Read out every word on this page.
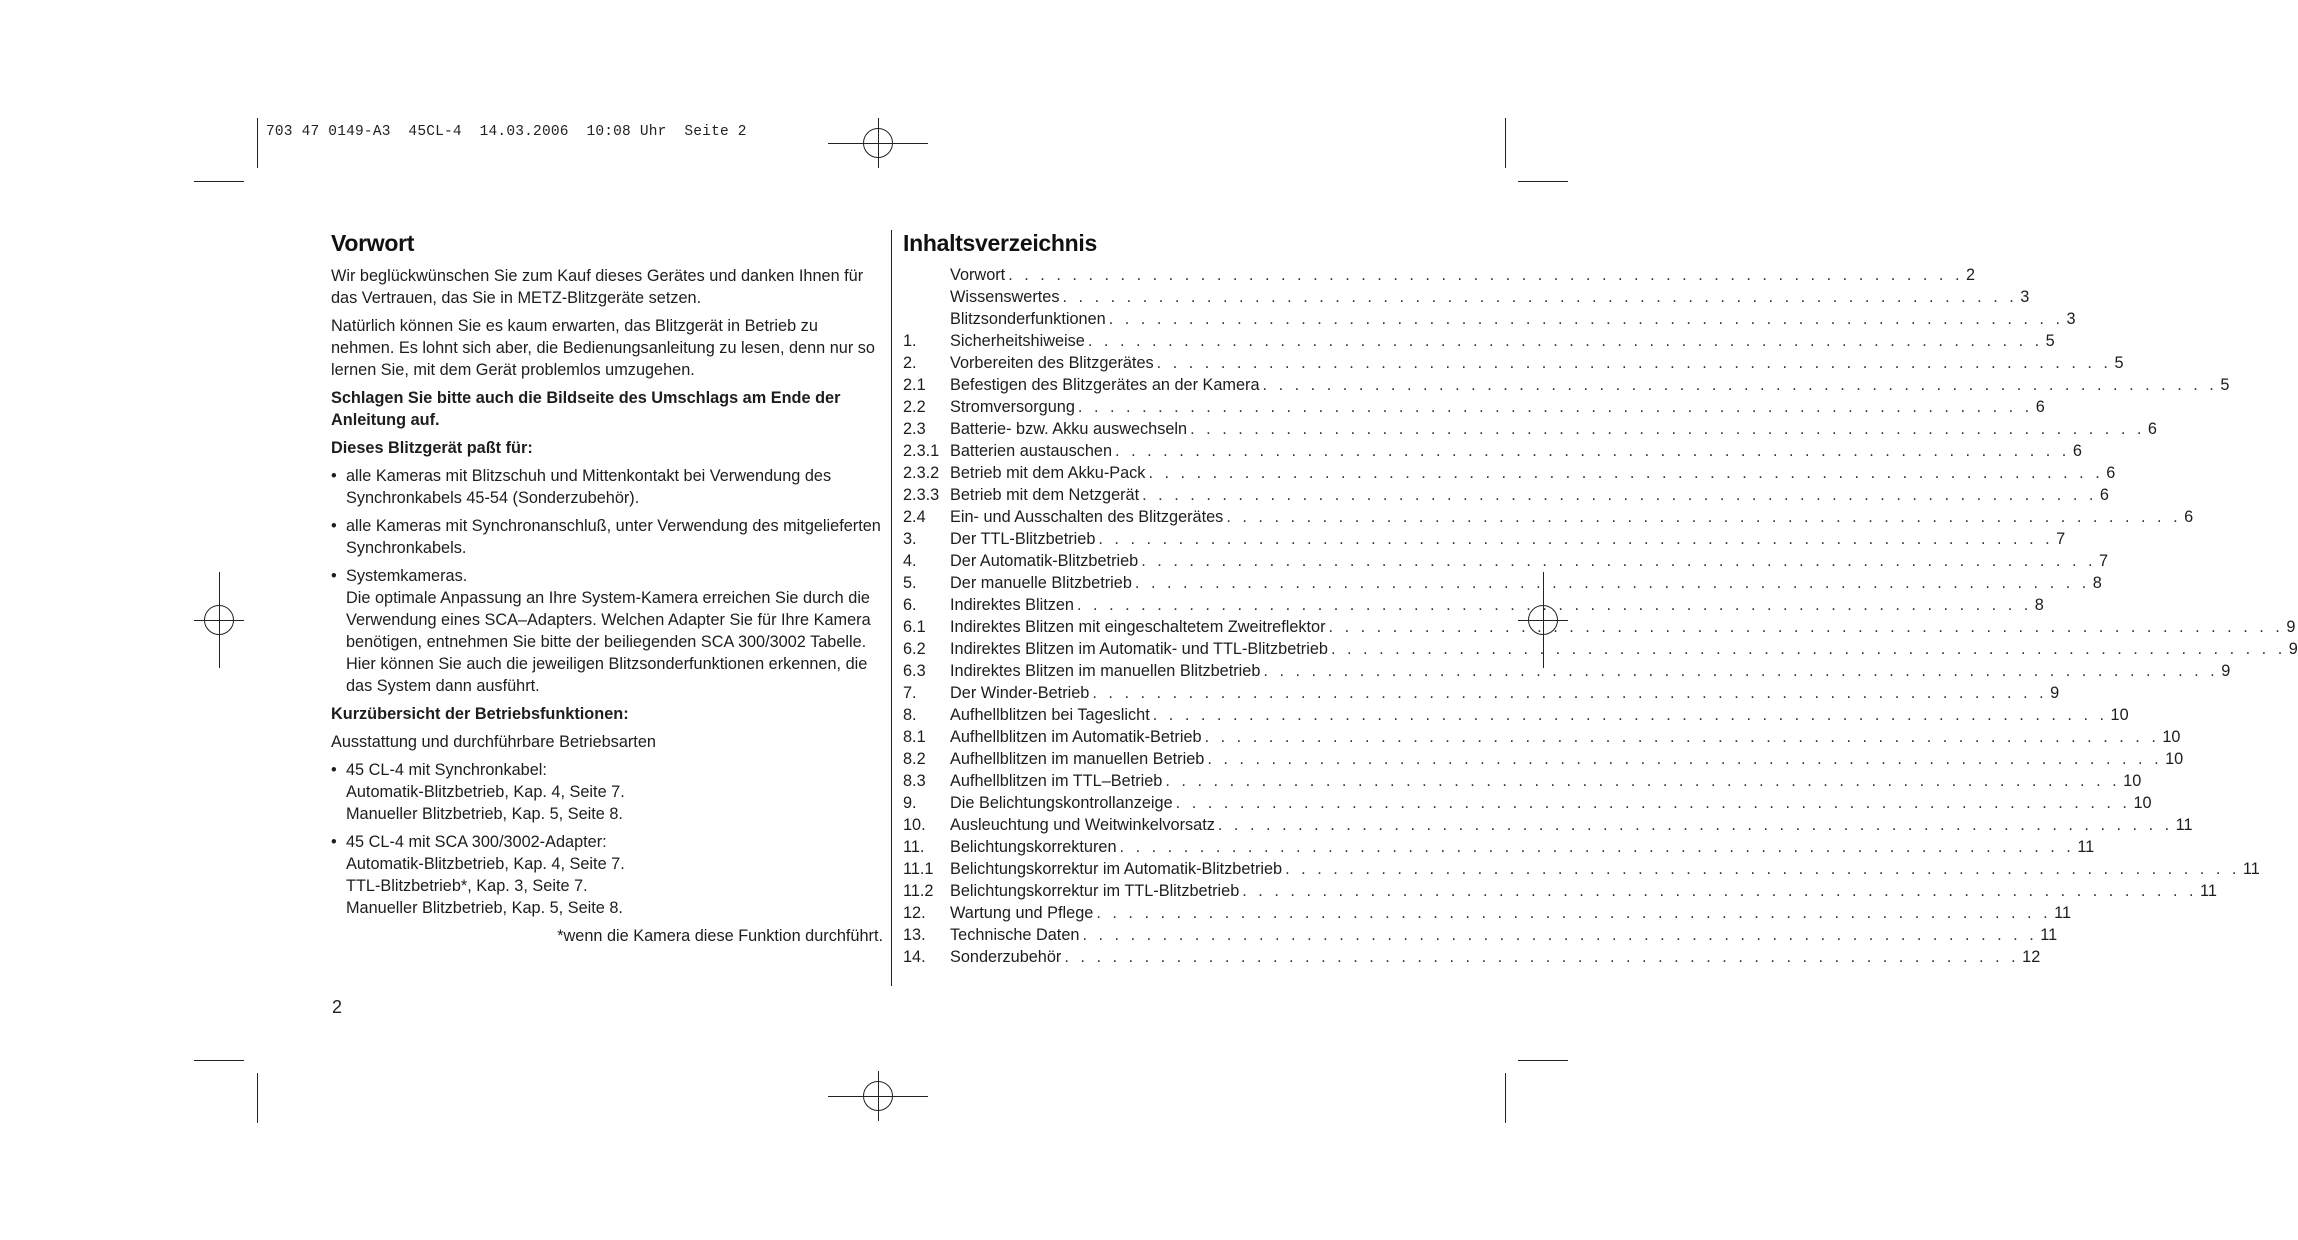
703 47 0149-A3  45CL-4  14.03.2006  10:08 Uhr  Seite 2
Vorwort

Wir beglückwünschen Sie zum Kauf dieses Gerätes und danken Ihnen für das Vertrauen, das Sie in METZ-Blitzgeräte setzen.

Natürlich können Sie es kaum erwarten, das Blitzgerät in Betrieb zu nehmen. Es lohnt sich aber, die Bedienungsanleitung zu lesen, denn nur so lernen Sie, mit dem Gerät problemlos umzugehen.

Schlagen Sie bitte auch die Bildseite des Umschlags am Ende der Anleitung auf.

Dieses Blitzgerät paßt für:

• alle Kameras mit Blitzschuh und Mittenkontakt bei Verwendung des Synchronkabels 45-54 (Sonderzubehör).
• alle Kameras mit Synchronanschluß, unter Verwendung des mitgelieferten Synchronkabels.
• Systemkameras.
Die optimale Anpassung an Ihre System-Kamera erreichen Sie durch die Verwendung eines SCA–Adapters. Welchen Adapter Sie für Ihre Kamera benötigen, entnehmen Sie bitte der beiliegenden SCA 300/3002 Tabelle. Hier können Sie auch die jeweiligen Blitzsonderfunktionen erkennen, die das System dann ausführt.

Kurzübersicht der Betriebsfunktionen:

Ausstattung und durchführbare Betriebsarten

• 45 CL-4 mit Synchronkabel:
Automatik-Blitzbetrieb, Kap. 4, Seite 7.
Manueller Blitzbetrieb, Kap. 5, Seite 8.
• 45 CL-4 mit SCA 300/3002-Adapter:
Automatik-Blitzbetrieb, Kap. 4, Seite 7.
TTL-Blitzbetrieb*, Kap. 3, Seite 7.
Manueller Blitzbetrieb, Kap. 5, Seite 8.

*wenn die Kamera diese Funktion durchführt.

Inhaltsverzeichnis
Vorwort . . . . . . . . . . . . . . . . . . . . . . . . . . . . . . . . . . . . . . . . . . . . . . . . . . . . . . . . . . . . 2
Wissenswertes . . . . . . . . . . . . . . . . . . . . . . . . . . . . . . . . . . . . . . . . . . . . . . . . . . . . . . . . . . . . 3
Blitzsonderfunktionen . . . . . . . . . . . . . . . . . . . . . . . . . . . . . . . . . . . . . . . . . . . . . . . . . . . . . . . . . . . . 3
1.	Sicherheitshiweise . . . . . . . . . . . . . . . . . . . . . . . . . . . . . . . . . . . . . . . . . . . . . . . . . . . . . . . . . . . . 5
2.	Vorbereiten des Blitzgerätes . . . . . . . . . . . . . . . . . . . . . . . . . . . . . . . . . . . . . . . . . . . . . . . . . . . . . . . . . . . . 5
2.1	Befestigen des Blitzgerätes an der Kamera . . . . . . . . . . . . . . . . . . . . . . . . . . . . . . . . . . . . . . . . . . . . . . . . . . . . . . . . . . . . 5
2.2	Stromversorgung . . . . . . . . . . . . . . . . . . . . . . . . . . . . . . . . . . . . . . . . . . . . . . . . . . . . . . . . . . . . 6
2.3	Batterie- bzw. Akku auswechseln . . . . . . . . . . . . . . . . . . . . . . . . . . . . . . . . . . . . . . . . . . . . . . . . . . . . . . . . . . . . 6
2.3.1 Batterien austauschen . . . . . . . . . . . . . . . . . . . . . . . . . . . . . . . . . . . . . . . . . . . . . . . . . . . . . . . . . . . . 6
2.3.2 Betrieb mit dem Akku-Pack . . . . . . . . . . . . . . . . . . . . . . . . . . . . . . . . . . . . . . . . . . . . . . . . . . . . . . . . . . . . 6
2.3.3 Betrieb mit dem Netzgerät . . . . . . . . . . . . . . . . . . . . . . . . . . . . . . . . . . . . . . . . . . . . . . . . . . . . . . . . . . . . 6
2.4	Ein- und Ausschalten des Blitzgerätes . . . . . . . . . . . . . . . . . . . . . . . . . . . . . . . . . . . . . . . . . . . . . . . . . . . . . . . . . . . . 6
3.	Der TTL-Blitzbetrieb . . . . . . . . . . . . . . . . . . . . . . . . . . . . . . . . . . . . . . . . . . . . . . . . . . . . . . . . . . . . 7
4.	Der Automatik-Blitzbetrieb . . . . . . . . . . . . . . . . . . . . . . . . . . . . . . . . . . . . . . . . . . . . . . . . . . . . . . . . . . . . 7
5.	Der manuelle Blitzbetrieb . . . . . . . . . . . . . . . . . . . . . . . . . . . . . . . . . . . . . . . . . . . . . . . . . . . . . . . . . . . . 8
6.	Indirektes Blitzen . . . . . . . . . . . . . . . . . . . . . . . . . . . . . . . . . . . . . . . . . . . . . . . . . . . . . . . . . . . . 8
6.1	Indirektes Blitzen mit eingeschaltetem Zweitreflektor . . . . . . . . . . . . . . . . . . . . . . . . . . . . . . . . . . . . . . . . . . . . . . . . . . . . . . . . . . . . 9
6.2	Indirektes Blitzen im Automatik- und TTL-Blitzbetrieb . . . . . . . . . . . . . . . . . . . . . . . . . . . . . . . . . . . . . . . . . . . . . . . . . . . . . . . . . . . . 9
6.3	Indirektes Blitzen im manuellen Blitzbetrieb . . . . . . . . . . . . . . . . . . . . . . . . . . . . . . . . . . . . . . . . . . . . . . . . . . . . . . . . . . . . 9
7.	Der Winder-Betrieb . . . . . . . . . . . . . . . . . . . . . . . . . . . . . . . . . . . . . . . . . . . . . . . . . . . . . . . . . . . . 9
8.	Aufhellblitzen bei Tageslicht . . . . . . . . . . . . . . . . . . . . . . . . . . . . . . . . . . . . . . . . . . . . . . . . . . . . . . . . . . . . 10
8.1	Aufhellblitzen im Automatik-Betrieb . . . . . . . . . . . . . . . . . . . . . . . . . . . . . . . . . . . . . . . . . . . . . . . . . . . . . . . . . . . . 10
8.2	Aufhellblitzen im manuellen Betrieb . . . . . . . . . . . . . . . . . . . . . . . . . . . . . . . . . . . . . . . . . . . . . . . . . . . . . . . . . . . . 10
8.3	Aufhellblitzen im TTL–Betrieb . . . . . . . . . . . . . . . . . . . . . . . . . . . . . . . . . . . . . . . . . . . . . . . . . . . . . . . . . . . . 10
9.	Die Belichtungskontrollanzeige . . . . . . . . . . . . . . . . . . . . . . . . . . . . . . . . . . . . . . . . . . . . . . . . . . . . . . . . . . . . 10
10.	Ausleuchtung und Weitwinkelvorsatz . . . . . . . . . . . . . . . . . . . . . . . . . . . . . . . . . . . . . . . . . . . . . . . . . . . . . . . . . . . . 11
11.	Belichtungskorrekturen . . . . . . . . . . . . . . . . . . . . . . . . . . . . . . . . . . . . . . . . . . . . . . . . . . . . . . . . . . . . 11
11.1	Belichtungskorrektur im Automatik-Blitzbetrieb . . . . . . . . . . . . . . . . . . . . . . . . . . . . . . . . . . . . . . . . . . . . . . . . . . . . . . . . . . . . 11
11.2	Belichtungskorrektur im TTL-Blitzbetrieb . . . . . . . . . . . . . . . . . . . . . . . . . . . . . . . . . . . . . . . . . . . . . . . . . . . . . . . . . . . . 11
12.	Wartung und Pflege . . . . . . . . . . . . . . . . . . . . . . . . . . . . . . . . . . . . . . . . . . . . . . . . . . . . . . . . . . . . 11
13.	Technische Daten . . . . . . . . . . . . . . . . . . . . . . . . . . . . . . . . . . . . . . . . . . . . . . . . . . . . . . . . . . . . 11
14.	Sonderzubehör . . . . . . . . . . . . . . . . . . . . . . . . . . . . . . . . . . . . . . . . . . . . . . . . . . . . . . . . . . . . 12
2
